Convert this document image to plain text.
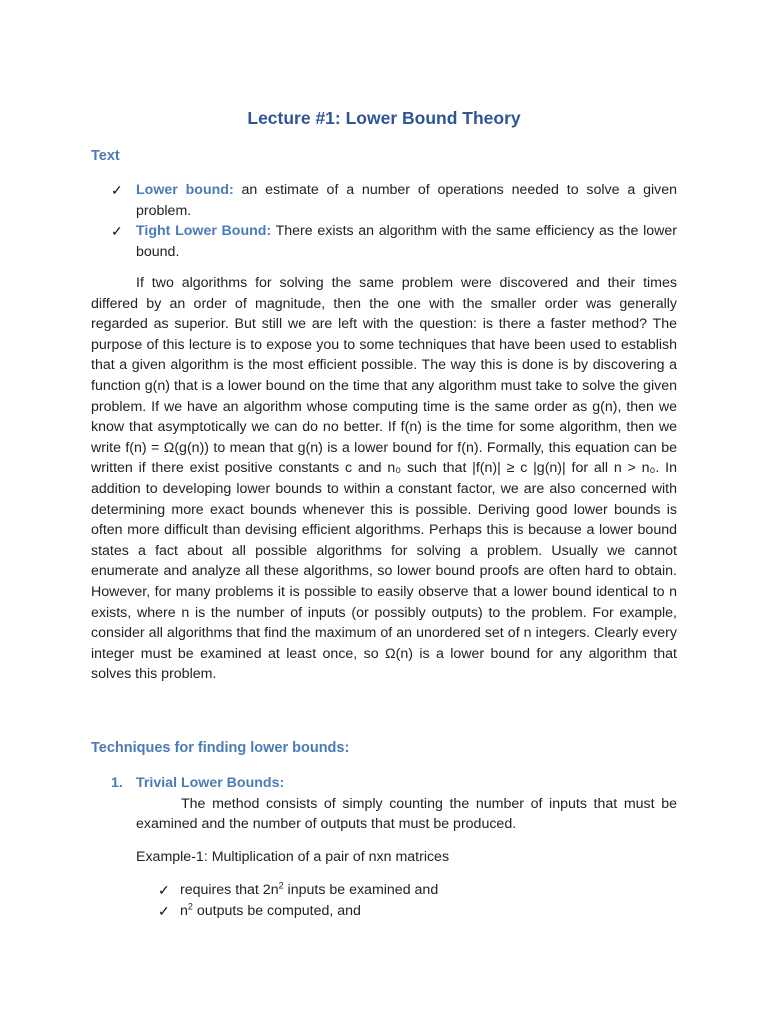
Lecture #1: Lower Bound Theory
Text
✓ Lower bound: an estimate of a number of operations needed to solve a given problem.
✓ Tight Lower Bound: There exists an algorithm with the same efficiency as the lower bound.

If two algorithms for solving the same problem were discovered and their times differed by an order of magnitude, then the one with the smaller order was generally regarded as superior. But still we are left with the question: is there a faster method? The purpose of this lecture is to expose you to some techniques that have been used to establish that a given algorithm is the most efficient possible. The way this is done is by discovering a function g(n) that is a lower bound on the time that any algorithm must take to solve the given problem. If we have an algorithm whose computing time is the same order as g(n), then we know that asymptotically we can do no better. If f(n) is the time for some algorithm, then we write f(n) = Ω(g(n)) to mean that g(n) is a lower bound for f(n). Formally, this equation can be written if there exist positive constants c and n₀ such that |f(n)| ≥ c |g(n)| for all n > n₀. In addition to developing lower bounds to within a constant factor, we are also concerned with determining more exact bounds whenever this is possible. Deriving good lower bounds is often more difficult than devising efficient algorithms. Perhaps this is because a lower bound states a fact about all possible algorithms for solving a problem. Usually we cannot enumerate and analyze all these algorithms, so lower bound proofs are often hard to obtain. However, for many problems it is possible to easily observe that a lower bound identical to n exists, where n is the number of inputs (or possibly outputs) to the problem. For example, consider all algorithms that find the maximum of an unordered set of n integers. Clearly every integer must be examined at least once, so Ω(n) is a lower bound for any algorithm that solves this problem.

Techniques for finding lower bounds:
1. Trivial Lower Bounds:

The method consists of simply counting the number of inputs that must be examined and the number of outputs that must be produced.

Example-1: Multiplication of a pair of nxn matrices
✓ requires that $2n^2$ inputs be examined and
✓ $n^2$ outputs be computed, and
